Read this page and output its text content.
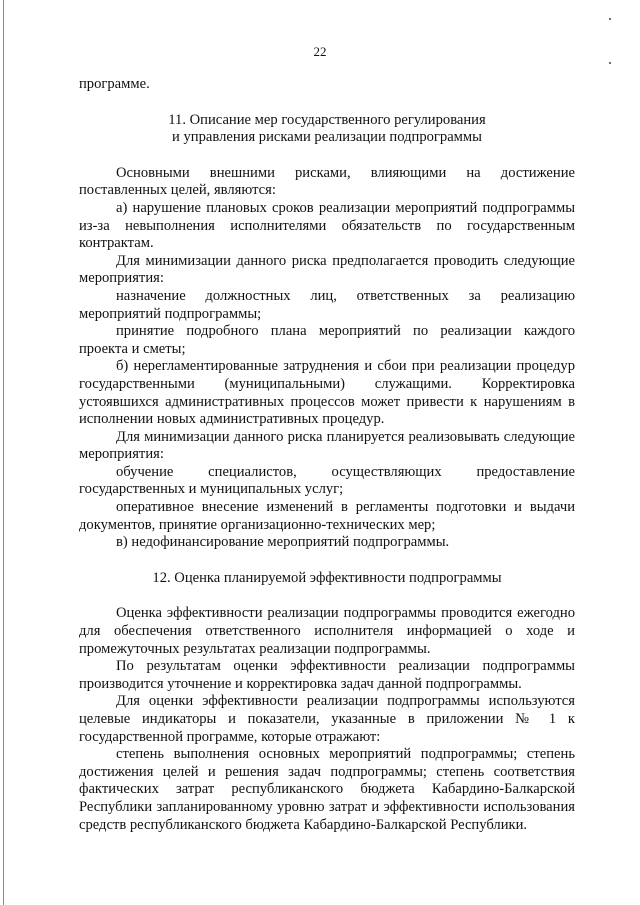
22

программе.

11. Описание мер государственного регулирования

и управления рисками реализации подпрограммы

Основными внешними рисками, влияющими на достижение поставленных целей, являются:

а) нарушение плановых сроков реализации мероприятий подпрограммы из-за невыполнения исполнителями обязательств по государственным контрактам.

Для минимизации данного риска предполагается проводить следующие мероприятия:

назначение должностных лиц, ответственных за реализацию мероприятий подпрограммы;

принятие подробного плана мероприятий по реализации каждого проекта и сметы;

б) нерегламентированные затруднения и сбои при реализации процедур государственными (муниципальными) служащими. Корректировка устоявшихся административных процессов может привести к нарушениям в исполнении новых административных процедур.

Для минимизации данного риска планируется реализовывать следующие мероприятия:

обучение специалистов, осуществляющих предоставление государственных и муниципальных услуг;

оперативное внесение изменений в регламенты подготовки и выдачи документов, принятие организационно-технических мер;

в) недофинансирование мероприятий подпрограммы.

12. Оценка планируемой эффективности подпрограммы

Оценка эффективности реализации подпрограммы проводится ежегодно для обеспечения ответственного исполнителя информацией о ходе и промежуточных результатах реализации подпрограммы.

По результатам оценки эффективности реализации подпрограммы производится уточнение и корректировка задач данной подпрограммы.

Для оценки эффективности реализации подпрограммы используются целевые индикаторы и показатели, указанные в приложении № 1 к государственной программе, которые отражают:

степень выполнения основных мероприятий подпрограммы; степень достижения целей и решения задач подпрограммы; степень соответствия фактических затрат республиканского бюджета Кабардино-Балкарской Республики запланированному уровню затрат и эффективности использования средств республиканского бюджета Кабардино-Балкарской Республики.
